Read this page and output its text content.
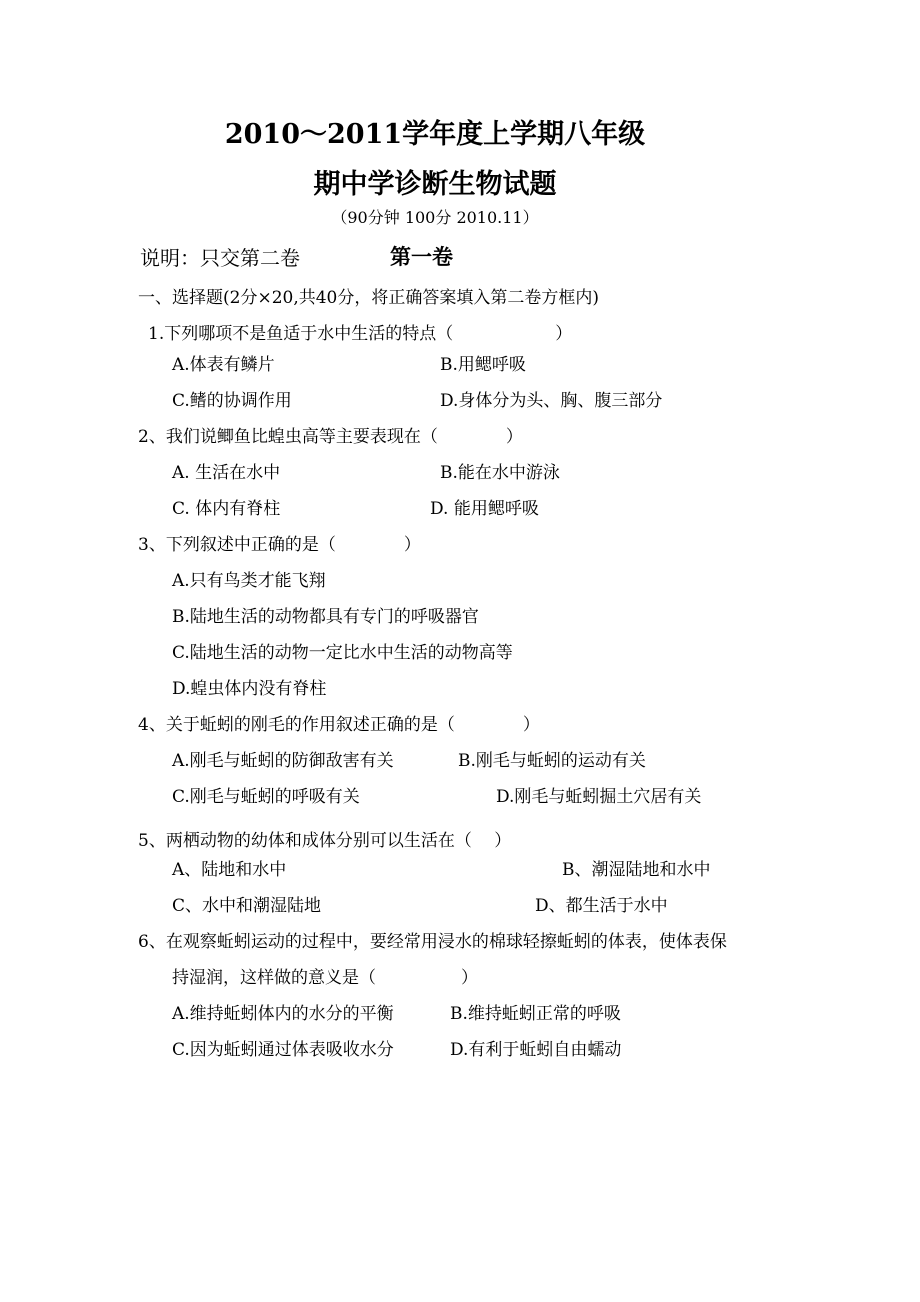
2010～2011学年度上学期八年级
期中学诊断生物试题
（90分钟 100分 2010.11）
说明：只交第二卷	第一卷
一、选择题(2分×20,共40分，将正确答案填入第二卷方框内)
1.下列哪项不是鱼适于水中生活的特点（　　　　　　）
A.体表有鳞片	B.用鳃呼吸
C.鳍的协调作用	D.身体分为头、胸、腹三部分
2、我们说鲫鱼比蝗虫高等主要表现在（　　　　）
A. 生活在水中	B.能在水中游泳
C. 体内有脊柱	D. 能用鳃呼吸
3、下列叙述中正确的是（　　　　）
A.只有鸟类才能飞翔
B.陆地生活的动物都具有专门的呼吸器官
C.陆地生活的动物一定比水中生活的动物高等
D.蝗虫体内没有脊柱
4、关于蚯蚓的刚毛的作用叙述正确的是（　　　　）
A.刚毛与蚯蚓的防御敌害有关	B.刚毛与蚯蚓的运动有关
C.刚毛与蚯蚓的呼吸有关	D.刚毛与蚯蚓掘土穴居有关
5、两栖动物的幼体和成体分别可以生活在（　 ）
A、陆地和水中	B、潮湿陆地和水中
C、水中和潮湿陆地	D、都生活于水中
6、在观察蚯蚓运动的过程中，要经常用浸水的棉球轻擦蚯蚓的体表，使体表保
持湿润，这样做的意义是（　　　　　）
A.维持蚯蚓体内的水分的平衡	B.维持蚯蚓正常的呼吸
C.因为蚯蚓通过体表吸收水分	D.有利于蚯蚓自由蠕动
